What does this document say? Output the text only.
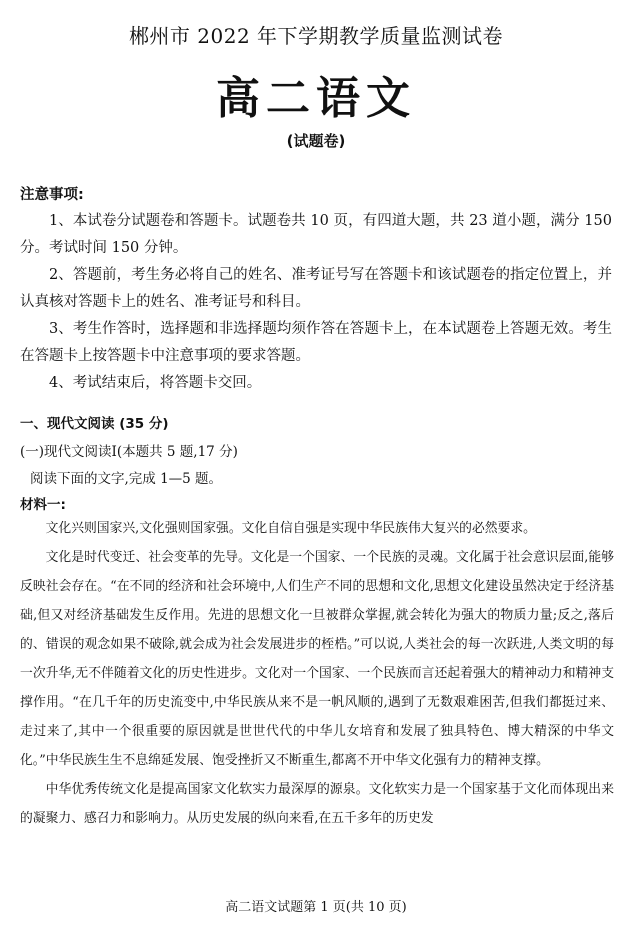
郴州市 2022 年下学期教学质量监测试卷
高二语文
(试题卷)
注意事项:

1、本试卷分试题卷和答题卡。试题卷共 10 页，有四道大题，共 23 道小题，满分 150 分。考试时间 150 分钟。

2、答题前，考生务必将自己的姓名、准考证号写在答题卡和该试题卷的指定位置上，并认真核对答题卡上的姓名、准考证号和科目。

3、考生作答时，选择题和非选择题均须作答在答题卡上，在本试题卷上答题无效。考生在答题卡上按答题卡中注意事项的要求答题。

4、考试结束后，将答题卡交回。

一、现代文阅读 (35 分)
(一)现代文阅读Ⅰ(本题共 5 题,17 分)
阅读下面的文字,完成 1—5 题。
材料一:

文化兴则国家兴,文化强则国家强。文化自信自强是实现中华民族伟大复兴的必然要求。

文化是时代变迁、社会变革的先导。文化是一个国家、一个民族的灵魂。文化属于社会意识层面,能够反映社会存在。“在不同的经济和社会环境中,人们生产不同的思想和文化,思想文化建设虽然决定于经济基础,但又对经济基础发生反作用。先进的思想文化一旦被群众掌握,就会转化为强大的物质力量;反之,落后的、错误的观念如果不破除,就会成为社会发展进步的桎梏。”可以说,人类社会的每一次跃进,人类文明的每一次升华,无不伴随着文化的历史性进步。文化对一个国家、一个民族而言还起着强大的精神动力和精神支撑作用。“在几千年的历史流变中,中华民族从来不是一帆风顺的,遇到了无数艰难困苦,但我们都挺过来、走过来了,其中一个很重要的原因就是世世代代的中华儿女培育和发展了独具特色、博大精深的中华文化。”中华民族生生不息绵延发展、饱受挫折又不断重生,都离不开中华文化强有力的精神支撑。

中华优秀传统文化是提高国家文化软实力最深厚的源泉。文化软实力是一个国家基于文化而体现出来的凝聚力、感召力和影响力。从历史发展的纵向来看,在五千多年的历史发

高二语文试题第 1 页(共 10 页)
